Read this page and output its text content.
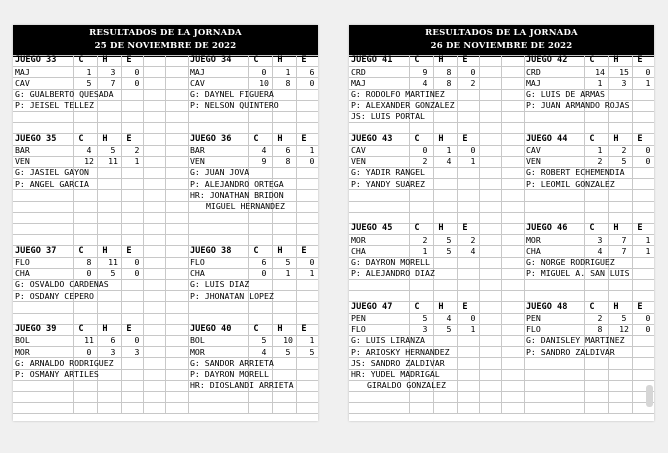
RESULTADOS DE LA JORNADA
25 DE NOVIEMBRE DE 2022
JUEGO 33	C	H	E
MAJ	1	3	0
CAV	5	7	0
G: GUALBERTO QUESADA
P: JEISEL TELLEZ
JUEGO 34	C	H	E
MAJ	0	1	6
CAV	10	8	0
G: DAYNEL FIGUERA
P: NELSON QUINTERO
JUEGO 35	C	H	E
BAR	4	5	2
VEN	12 11	1
G: JASIEL GAYON
P: ANGEL GARCIA
JUEGO 36	C	H	E
BAR	4	6	1
VEN	9	8	0
G: JUAN JOVA
P: ALEJANDRO ORTEGA
HR: JONATHAN BRIDON
MIGUEL HERNANDEZ
JUEGO 37	C	H	E
FLO	8	11	0
CHA	0	5	0
G: OSVALDO CARDENAS
P: OSDANY CEPERO
JUEGO 38	C	H	E
FLO	6	5	0
CHA	0	1	1
G: LUIS DIAZ
P: JHONATAN LOPEZ
JUEGO 39	C	H	E
BOL	11	6	0
MOR	0	3	3
G: ARNALDO RODRIGUEZ
P: OSMANY ARTILES
JUEGO 40	C	H	E
BOL	5	10	1
MOR	4	5	5
G: SANDOR ARRIETA
P: DAYRON MORELL
HR: DIOSLANDI ARRIETA
RESULTADOS DE LA JORNADA
26 DE NOVIEMBRE DE 2022
JUEGO 41	C	H	E
CRD	9	8	0
MAJ	4	8	2
G: RODOLFO MARTINEZ
P: ALEXANDER GONZALEZ
JS: LUIS PORTAL
JUEGO 42	C	H	E
CRD	14 15	0
MAJ	1	3	1
G: LUIS DE ARMAS
P: JUAN ARMANDO ROJAS
JUEGO 43	C	H	E
CAV	0	1	0
VEN	2	4	1
G: YADIR RANGEL
P: YANDY SUAREZ
JUEGO 44	C	H	E
CAV	1	2	0
VEN	2	5	0
G: ROBERT ECHEMENDIA
P: LEOMIL GONZALEZ
JUEGO 45	C	H	E
MOR	2	5	2
CHA	1	5	4
G: DAYRON MORELL
P: ALEJANDRO DIAZ
JUEGO 46	C	H	E
MOR	3	7	1
CHA	4	7	1
G: NORGE RODRIGUEZ
P: MIGUEL A. SAN LUIS
JUEGO 47	C	H	E
PEN	5	4	0
FLO	3	5	1
G: LUIS LIRANZA
P: ARIOSKY HERNANDEZ
JS: SANDRO ZALDIVAR
HR: YUDEL MADRIGAL
GIRALDO GONZALEZ
JUEGO 48	C	H	E
PEN	2	5	0
FLO	8	12	0
G: DANISLEY MARTINEZ
P: SANDRO ZALDIVAR
